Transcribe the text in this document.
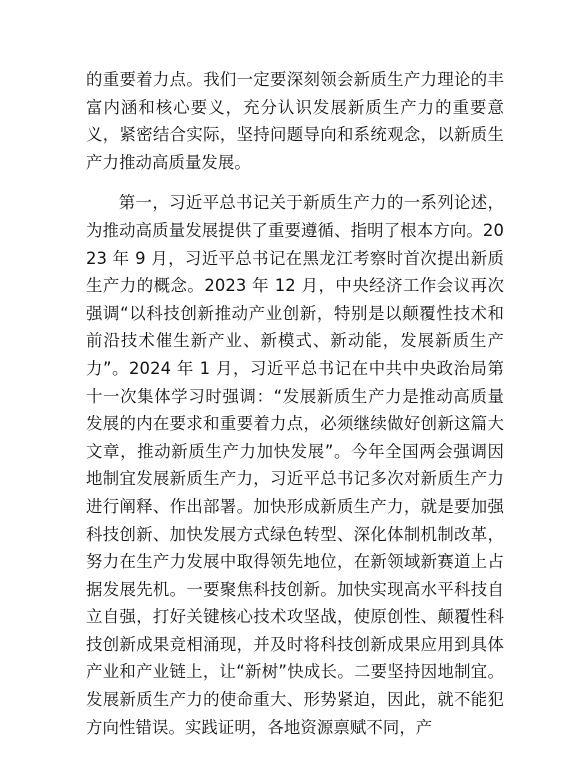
的重要着力点。我们一定要深刻领会新质生产力理论的丰富内涵和核心要义，充分认识发展新质生产力的重要意义，紧密结合实际，坚持问题导向和系统观念，以新质生产力推动高质量发展。

第一，习近平总书记关于新质生产力的一系列论述，为推动高质量发展提供了重要遵循、指明了根本方向。2023 年 9 月，习近平总书记在黑龙江考察时首次提出新质生产力的概念。2023 年 12 月，中央经济工作会议再次强调“以科技创新推动产业创新，特别是以颠覆性技术和前沿技术催生新产业、新模式、新动能，发展新质生产力”。2024 年 1 月，习近平总书记在中共中央政治局第十一次集体学习时强调：“发展新质生产力是推动高质量发展的内在要求和重要着力点，必须继续做好创新这篇大文章，推动新质生产力加快发展”。今年全国两会强调因地制宜发展新质生产力，习近平总书记多次对新质生产力进行阐释、作出部署。加快形成新质生产力，就是要加强科技创新、加快发展方式绿色转型、深化体制机制改革，努力在生产力发展中取得领先地位，在新领域新赛道上占据发展先机。一要聚焦科技创新。加快实现高水平科技自立自强，打好关键核心技术攻坚战，使原创性、颠覆性科技创新成果竞相涌现，并及时将科技创新成果应用到具体产业和产业链上，让“新树”快成长。二要坚持因地制宜。发展新质生产力的使命重大、形势紧迫，因此，就不能犯方向性错误。实践证明，各地资源禀赋不同，产
